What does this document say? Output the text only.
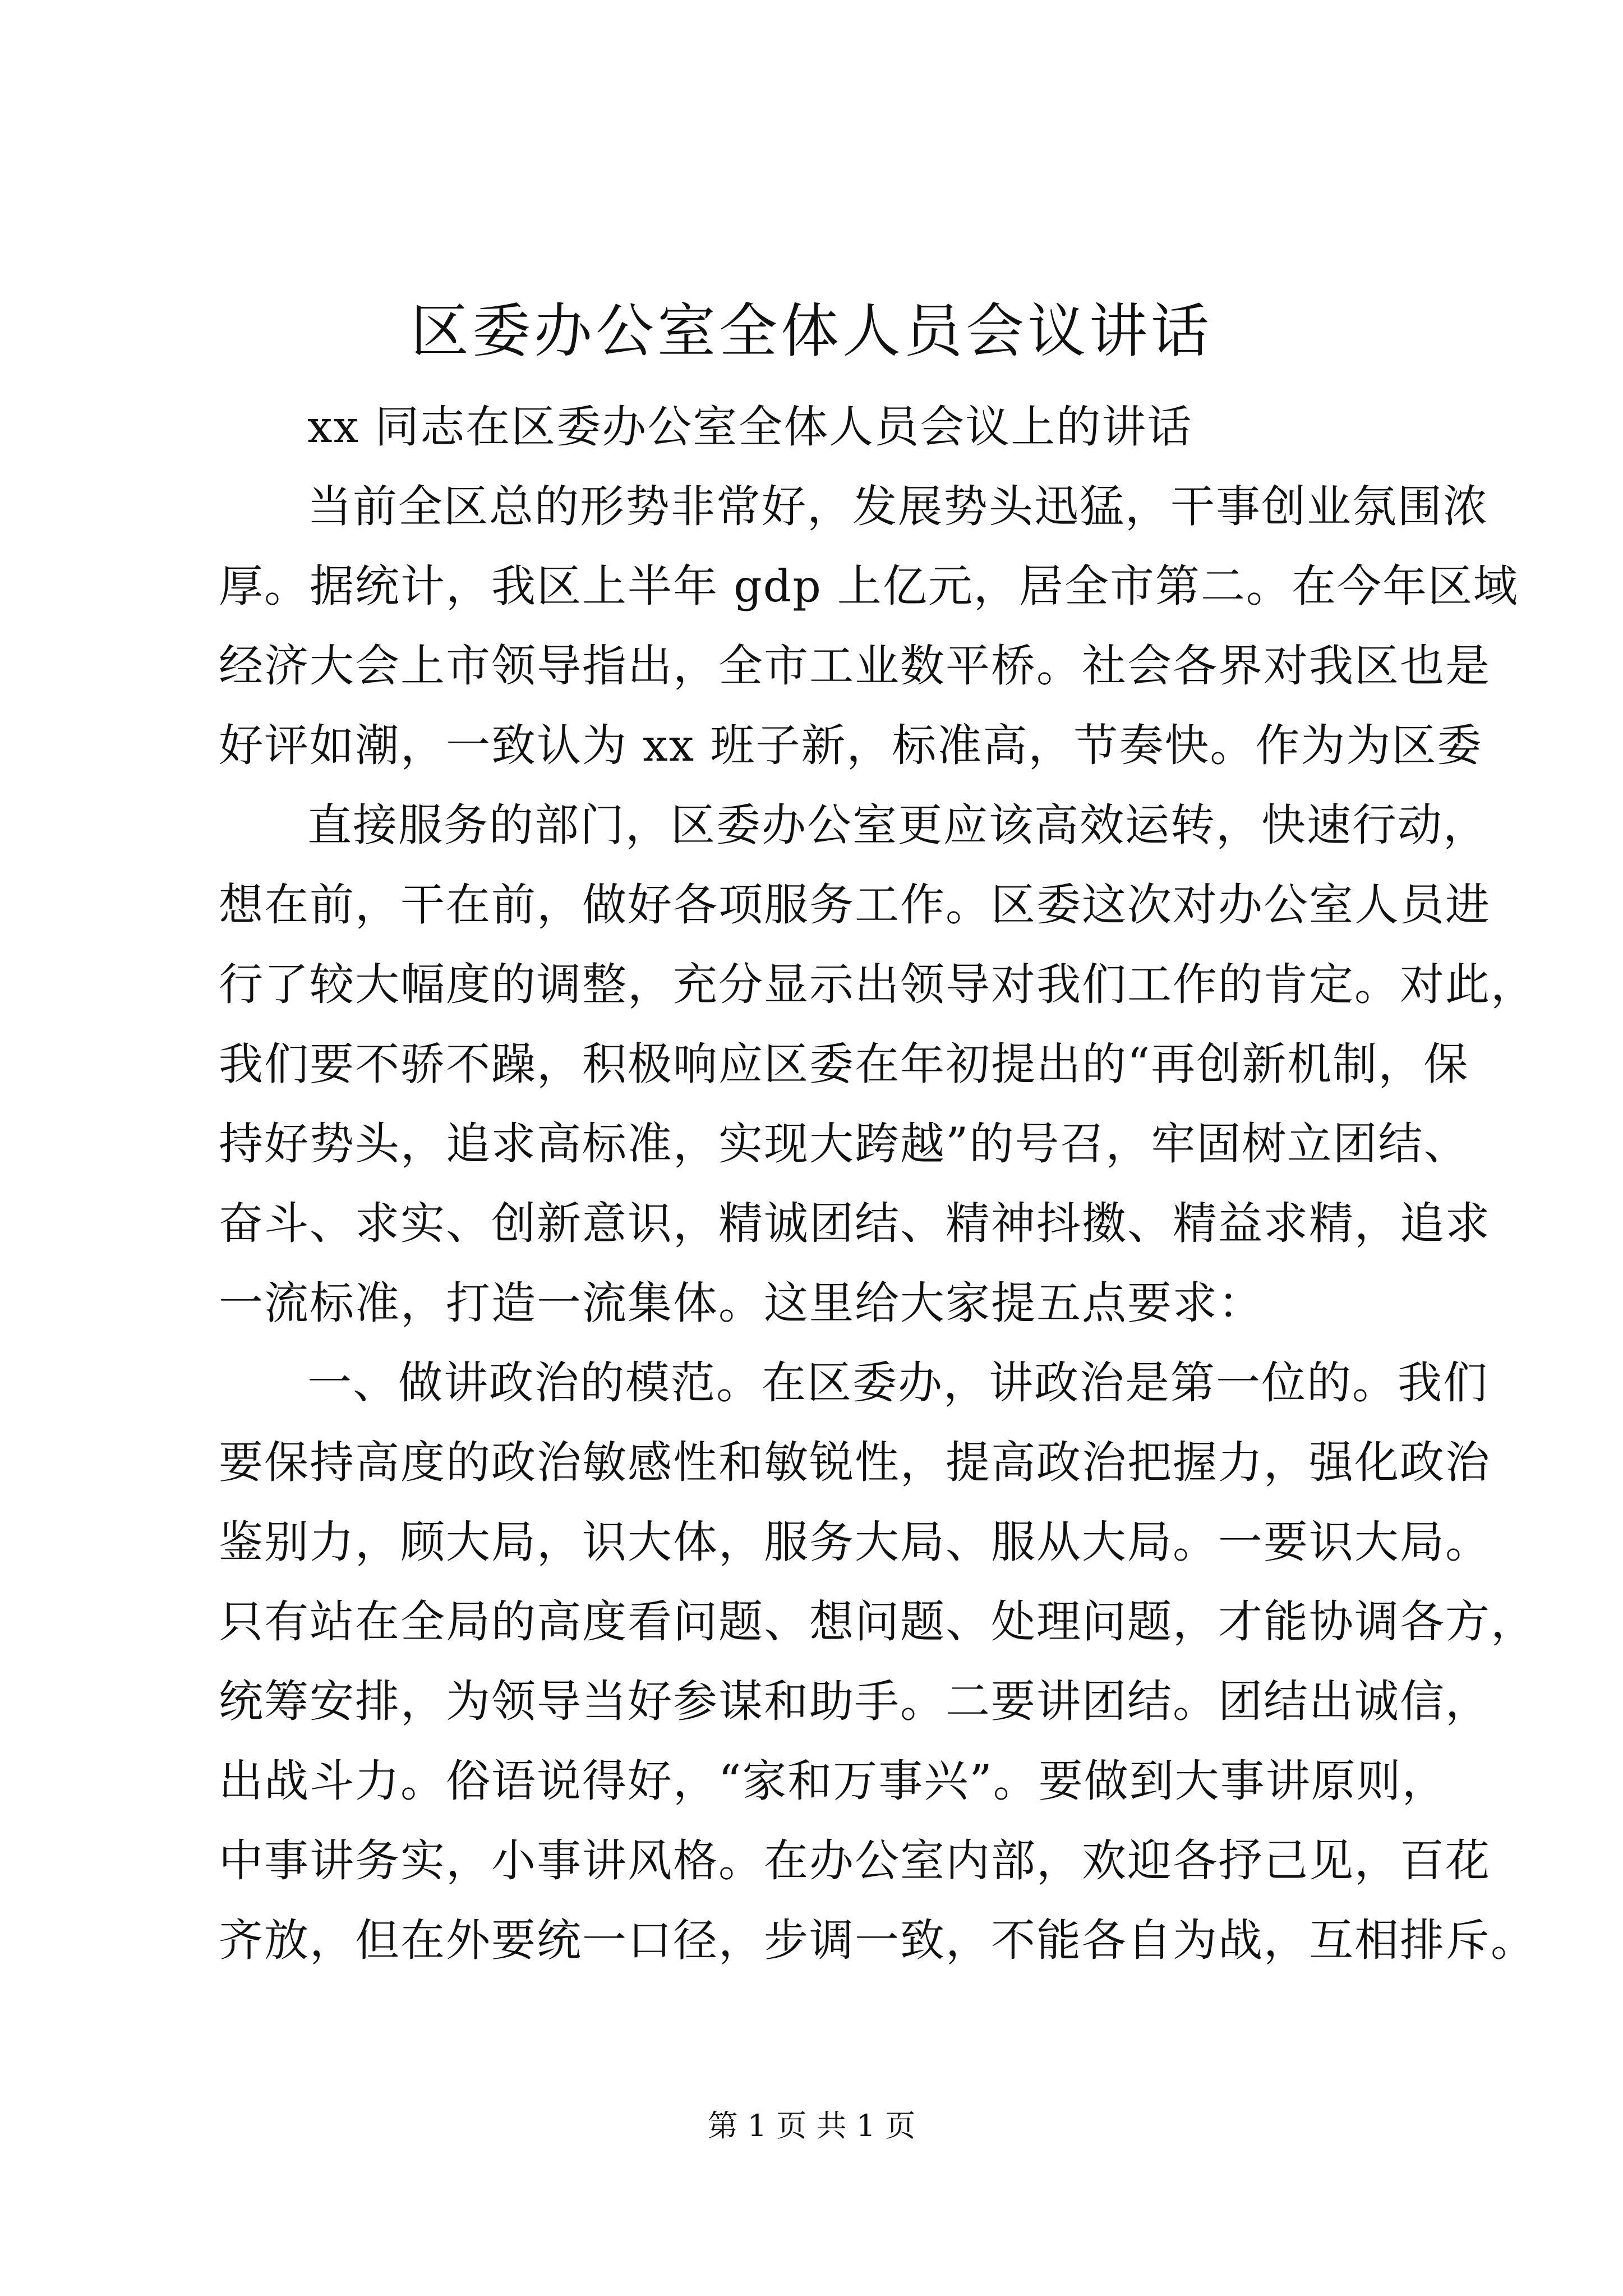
区委办公室全体人员会议讲话
xx 同志在区委办公室全体人员会议上的讲话
当前全区总的形势非常好，发展势头迅猛，干事创业氛围浓
厚。据统计，我区上半年 gdp 上亿元，居全市第二。在今年区域
经济大会上市领导指出，全市工业数平桥。社会各界对我区也是
好评如潮，一致认为 xx 班子新，标准高，节奏快。作为为区委
直接服务的部门，区委办公室更应该高效运转，快速行动，
想在前，干在前，做好各项服务工作。区委这次对办公室人员进
行了较大幅度的调整，充分显示出领导对我们工作的肯定。对此，
我们要不骄不躁，积极响应区委在年初提出的“再创新机制，保
持好势头，追求高标准，实现大跨越”的号召，牢固树立团结、
奋斗、求实、创新意识，精诚团结、精神抖擞、精益求精，追求
一流标准，打造一流集体。这里给大家提五点要求：
一、做讲政治的模范。在区委办，讲政治是第一位的。我们
要保持高度的政治敏感性和敏锐性，提高政治把握力，强化政治
鉴别力，顾大局，识大体，服务大局、服从大局。一要识大局。
只有站在全局的高度看问题、想问题、处理问题，才能协调各方，
统筹安排，为领导当好参谋和助手。二要讲团结。团结出诚信，
出战斗力。俗语说得好，“家和万事兴”。要做到大事讲原则，
中事讲务实，小事讲风格。在办公室内部，欢迎各抒己见，百花
齐放，但在外要统一口径，步调一致，不能各自为战，互相排斥。
第 1 页 共 1 页
